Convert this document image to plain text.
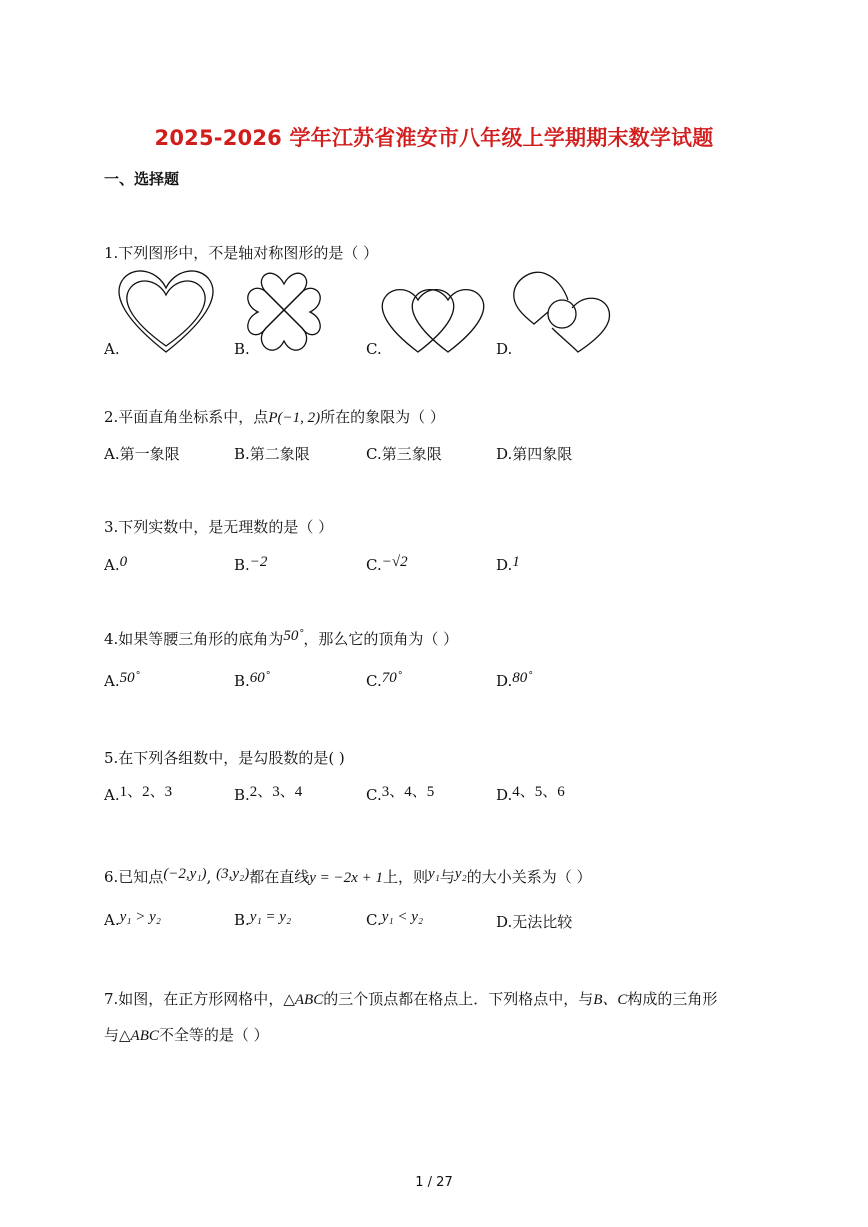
2025-2026 学年江苏省淮安市八年级上学期期末数学试题
一、选择题
1.下列图形中，不是轴对称图形的是（ ）
A.	B.	C.	D.
2.平面直角坐标系中，点P(−1, 2)所在的象限为（ ）
A.第一象限	B.第二象限	C.第三象限	D.第四象限
3.下列实数中，是无理数的是（ ）
A.0	B.−2	C.−√2	D.1
4.如果等腰三角形的底角为50˚，那么它的顶角为（ ）
A.50˚	B.60˚	C.70˚	D.80˚
5.在下列各组数中，是勾股数的是( )
A.1、2、3	B.2、3、4	C.3、4、5	D.4、5、6
6.已知点(−2,y₁), (3,y₂)都在直线y = −2x + 1上，则y₁与y₂的大小关系为（ ）
A.y₁ > y₂	B.y₁ = y₂	C.y₁ < y₂	D.无法比较
7.如图，在正方形网格中，△ABC的三个顶点都在格点上．下列格点中，与B、C构成的三角形
与△ABC不全等的是（ ）
1 / 27
